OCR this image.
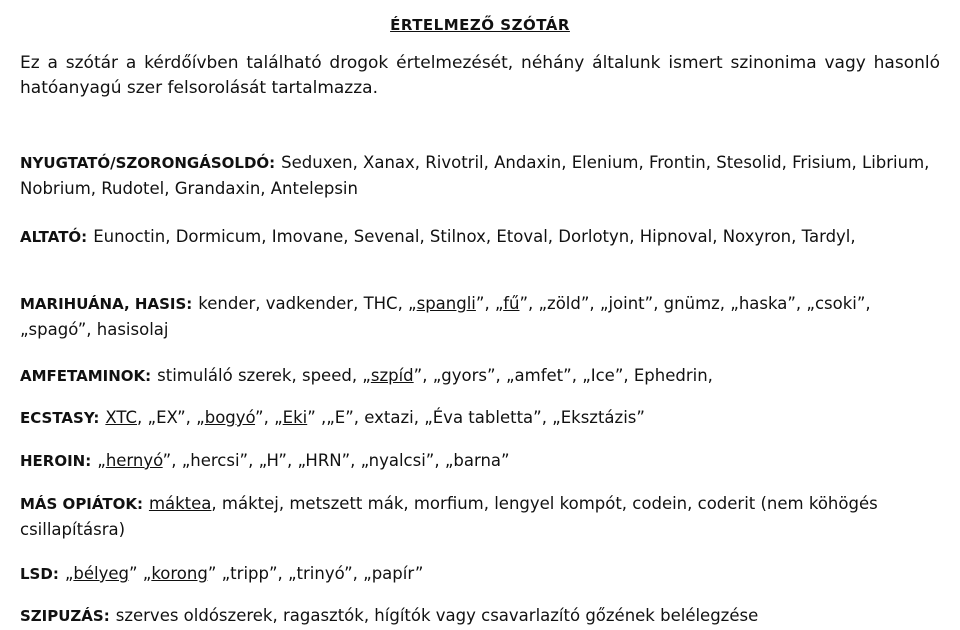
ÉRTELMEZŐ SZÓTÁR
Ez a szótár a kérdőívben található drogok értelmezését, néhány általunk ismert szinonima vagy hasonló hatóanyagú szer felsorolását tartalmazza.
NYUGTATÓ/SZORONGÁSOLDÓ: Seduxen, Xanax, Rivotril, Andaxin, Elenium, Frontin, Stesolid, Frisium, Librium, Nobrium, Rudotel, Grandaxin, Antelepsin
ALTATÓ: Eunoctin, Dormicum, Imovane, Sevenal, Stilnox, Etoval, Dorlotyn, Hipnoval, Noxyron, Tardyl,
MARIHUÁNA, HASIS: kender, vadkender, THC, „spangli”, „fű”, „zöld”, „joint”, gnümz, „haska”, „csoki”, „spagó”, hasisolaj
AMFETAMINOK: stimuláló szerek, speed, „szpíd”, „gyors”, „amfet”, „Ice”, Ephedrin,
ECSTASY: XTC, „EX”, „bogyó”, „Eki” ,„E”, extazi, „Éva tabletta”, „Eksztázis”
HEROIN: „hernyó”, „hercsi”, „H”, „HRN”, „nyalcsi”, „barna”
MÁS OPIÁTOK: máktea, máktej, metszett mák, morfium, lengyel kompót, codein, coderit (nem köhögés csillapításra)
LSD: „bélyeg” „korong” „tripp”, „trinyó”, „papír”
SZIPUZÁS: szerves oldószerek, ragasztók, hígítók vagy csavarlazító gőzének belélegzése
